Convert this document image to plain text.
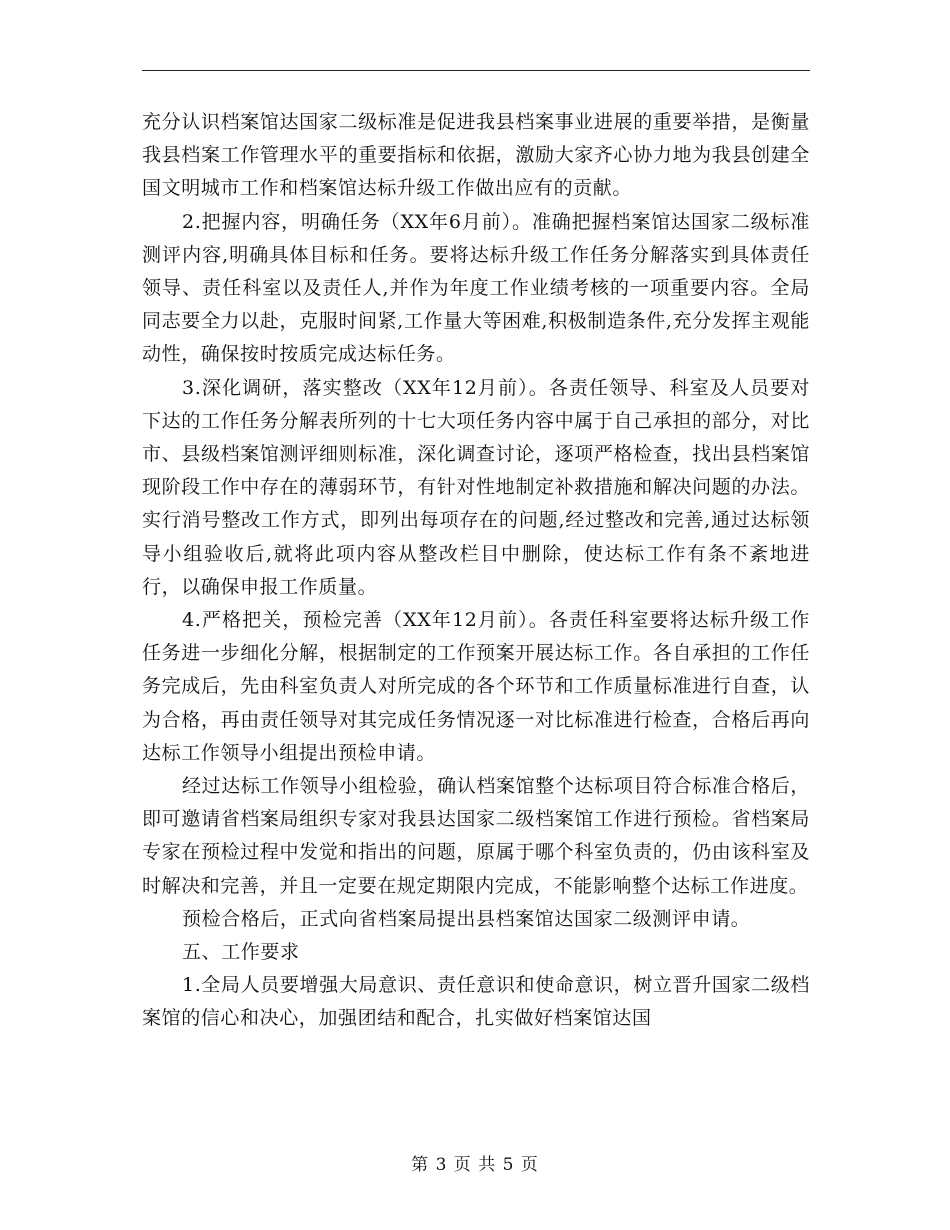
充分认识档案馆达国家二级标准是促进我县档案事业进展的重要举措，是衡量我县档案工作管理水平的重要指标和依据，激励大家齐心协力地为我县创建全国文明城市工作和档案馆达标升级工作做出应有的贡献。

2.把握内容，明确任务（XX年6月前）。准确把握档案馆达国家二级标准测评内容,明确具体目标和任务。要将达标升级工作任务分解落实到具体责任领导、责任科室以及责任人,并作为年度工作业绩考核的一项重要内容。全局同志要全力以赴，克服时间紧,工作量大等困难,积极制造条件,充分发挥主观能动性，确保按时按质完成达标任务。

3.深化调研，落实整改（XX年12月前）。各责任领导、科室及人员要对下达的工作任务分解表所列的十七大项任务内容中属于自己承担的部分，对比市、县级档案馆测评细则标准，深化调查讨论，逐项严格检查，找出县档案馆现阶段工作中存在的薄弱环节，有针对性地制定补救措施和解决问题的办法。实行消号整改工作方式，即列出每项存在的问题,经过整改和完善,通过达标领导小组验收后,就将此项内容从整改栏目中删除，使达标工作有条不紊地进行，以确保申报工作质量。

4.严格把关，预检完善（XX年12月前）。各责任科室要将达标升级工作任务进一步细化分解，根据制定的工作预案开展达标工作。各自承担的工作任务完成后，先由科室负责人对所完成的各个环节和工作质量标准进行自查，认为合格，再由责任领导对其完成任务情况逐一对比标准进行检查，合格后再向达标工作领导小组提出预检申请。

经过达标工作领导小组检验，确认档案馆整个达标项目符合标准合格后，即可邀请省档案局组织专家对我县达国家二级档案馆工作进行预检。省档案局专家在预检过程中发觉和指出的问题，原属于哪个科室负责的，仍由该科室及时解决和完善，并且一定要在规定期限内完成，不能影响整个达标工作进度。

预检合格后，正式向省档案局提出县档案馆达国家二级测评申请。

五、工作要求

1.全局人员要增强大局意识、责任意识和使命意识，树立晋升国家二级档案馆的信心和决心，加强团结和配合，扎实做好档案馆达国

第 3 页 共 5 页
